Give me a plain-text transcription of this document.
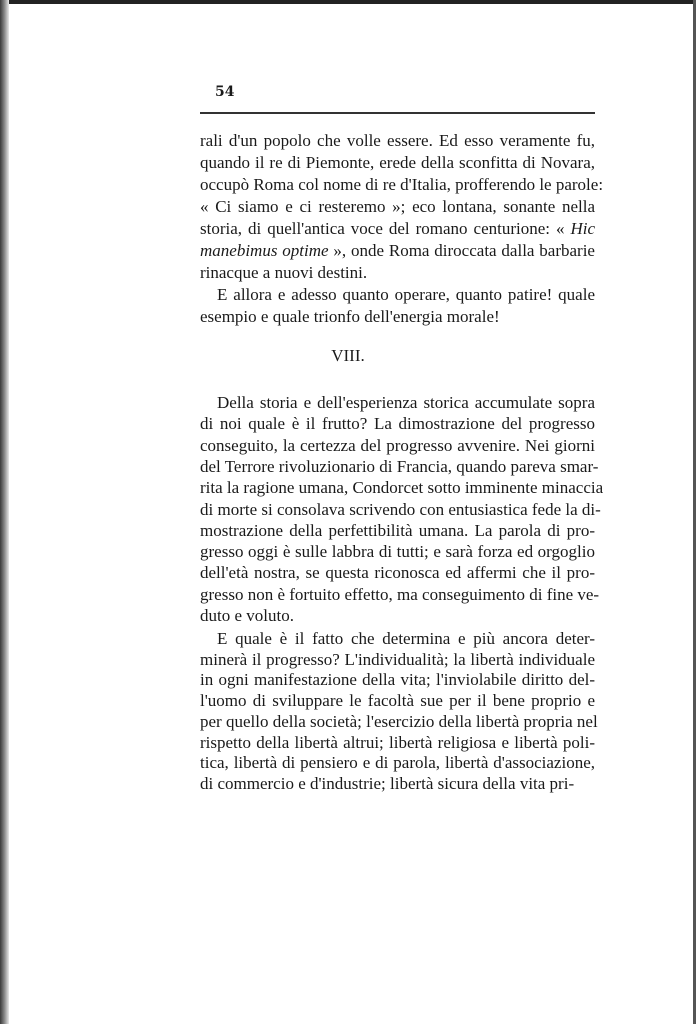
54
VIII.
rali d'un popolo che volle essere. Ed esso veramente fu,
quando il re di Piemonte, erede della sconfitta di Novara,
occupò Roma col nome di re d'Italia, profferendo le parole:
« Ci siamo e ci resteremo »; eco lontana, sonante nella
storia, di quell'antica voce del romano centurione: « Hic
manebimus optime », onde Roma diroccata dalla barbarie
rinacque a nuovi destini.
E allora e adesso quanto operare, quanto patire! quale
esempio e quale trionfo dell'energia morale!
Della storia e dell'esperienza storica accumulate sopra
di noi quale è il frutto? La dimostrazione del progresso
conseguito, la certezza del progresso avvenire. Nei giorni
del Terrore rivoluzionario di Francia, quando pareva smar-
rita la ragione umana, Condorcet sotto imminente minaccia
di morte si consolava scrivendo con entusiastica fede la di-
mostrazione della perfettibilità umana. La parola di pro-
gresso oggi è sulle labbra di tutti; e sarà forza ed orgoglio
dell'età nostra, se questa riconosca ed affermi che il pro-
gresso non è fortuito effetto, ma conseguimento di fine ve-
duto e voluto.
E quale è il fatto che determina e più ancora deter-
minerà il progresso? L'individualità; la libertà individuale
in ogni manifestazione della vita; l'inviolabile diritto del-
l'uomo di sviluppare le facoltà sue per il bene proprio e
per quello della società; l'esercizio della libertà propria nel
rispetto della libertà altrui; libertà religiosa e libertà poli-
tica, libertà di pensiero e di parola, libertà d'associazione,
di commercio e d'industrie; libertà sicura della vita pri-
